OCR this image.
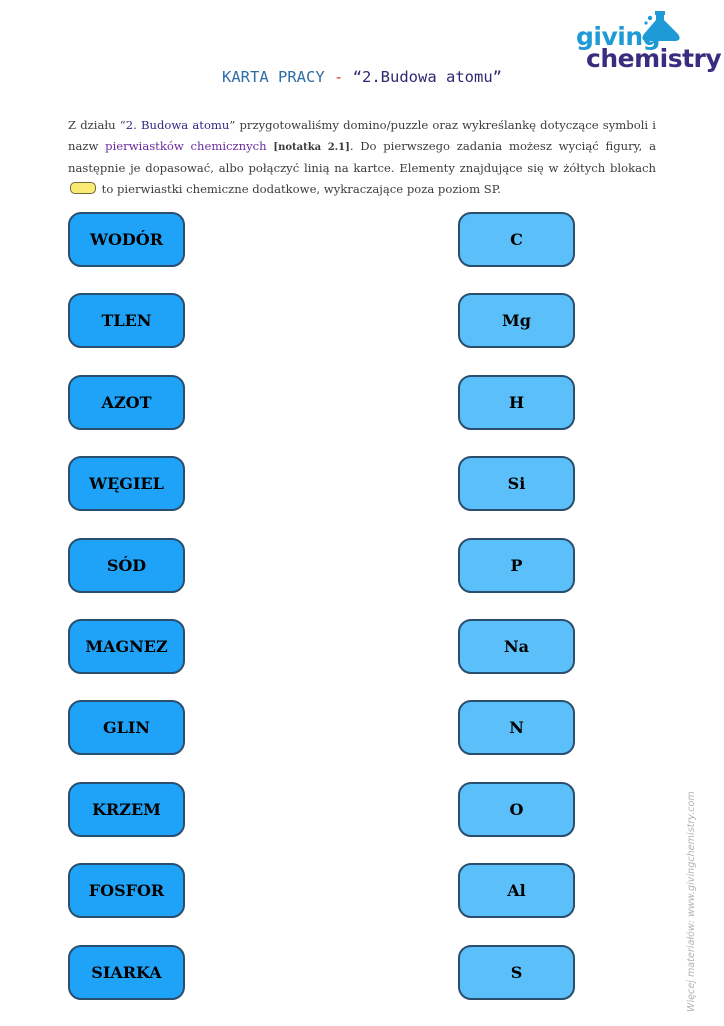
giving
chemistry
KARTA PRACY - “2.Budowa atomu”
Z działu “2. Budowa atomu” przygotowaliśmy domino/puzzle oraz wykreślankę dotyczące symboli i nazw pierwiastków chemicznych [notatka 2.1]. Do pierwszego zadania możesz wyciąć figury, a następnie je dopasować, albo połączyć linią na kartce. Elementy znajdujące się w żółtych blokach  to pierwiastki chemiczne dodatkowe, wykraczające poza poziom SP.
WODÓR
TLEN
AZOT
WĘGIEL
SÓD
MAGNEZ
GLIN
KRZEM
FOSFOR
SIARKA
C
Mg
H
Si
P
Na
N
O
Al
S	Więcej materiałów: www.givingchemistry.com
